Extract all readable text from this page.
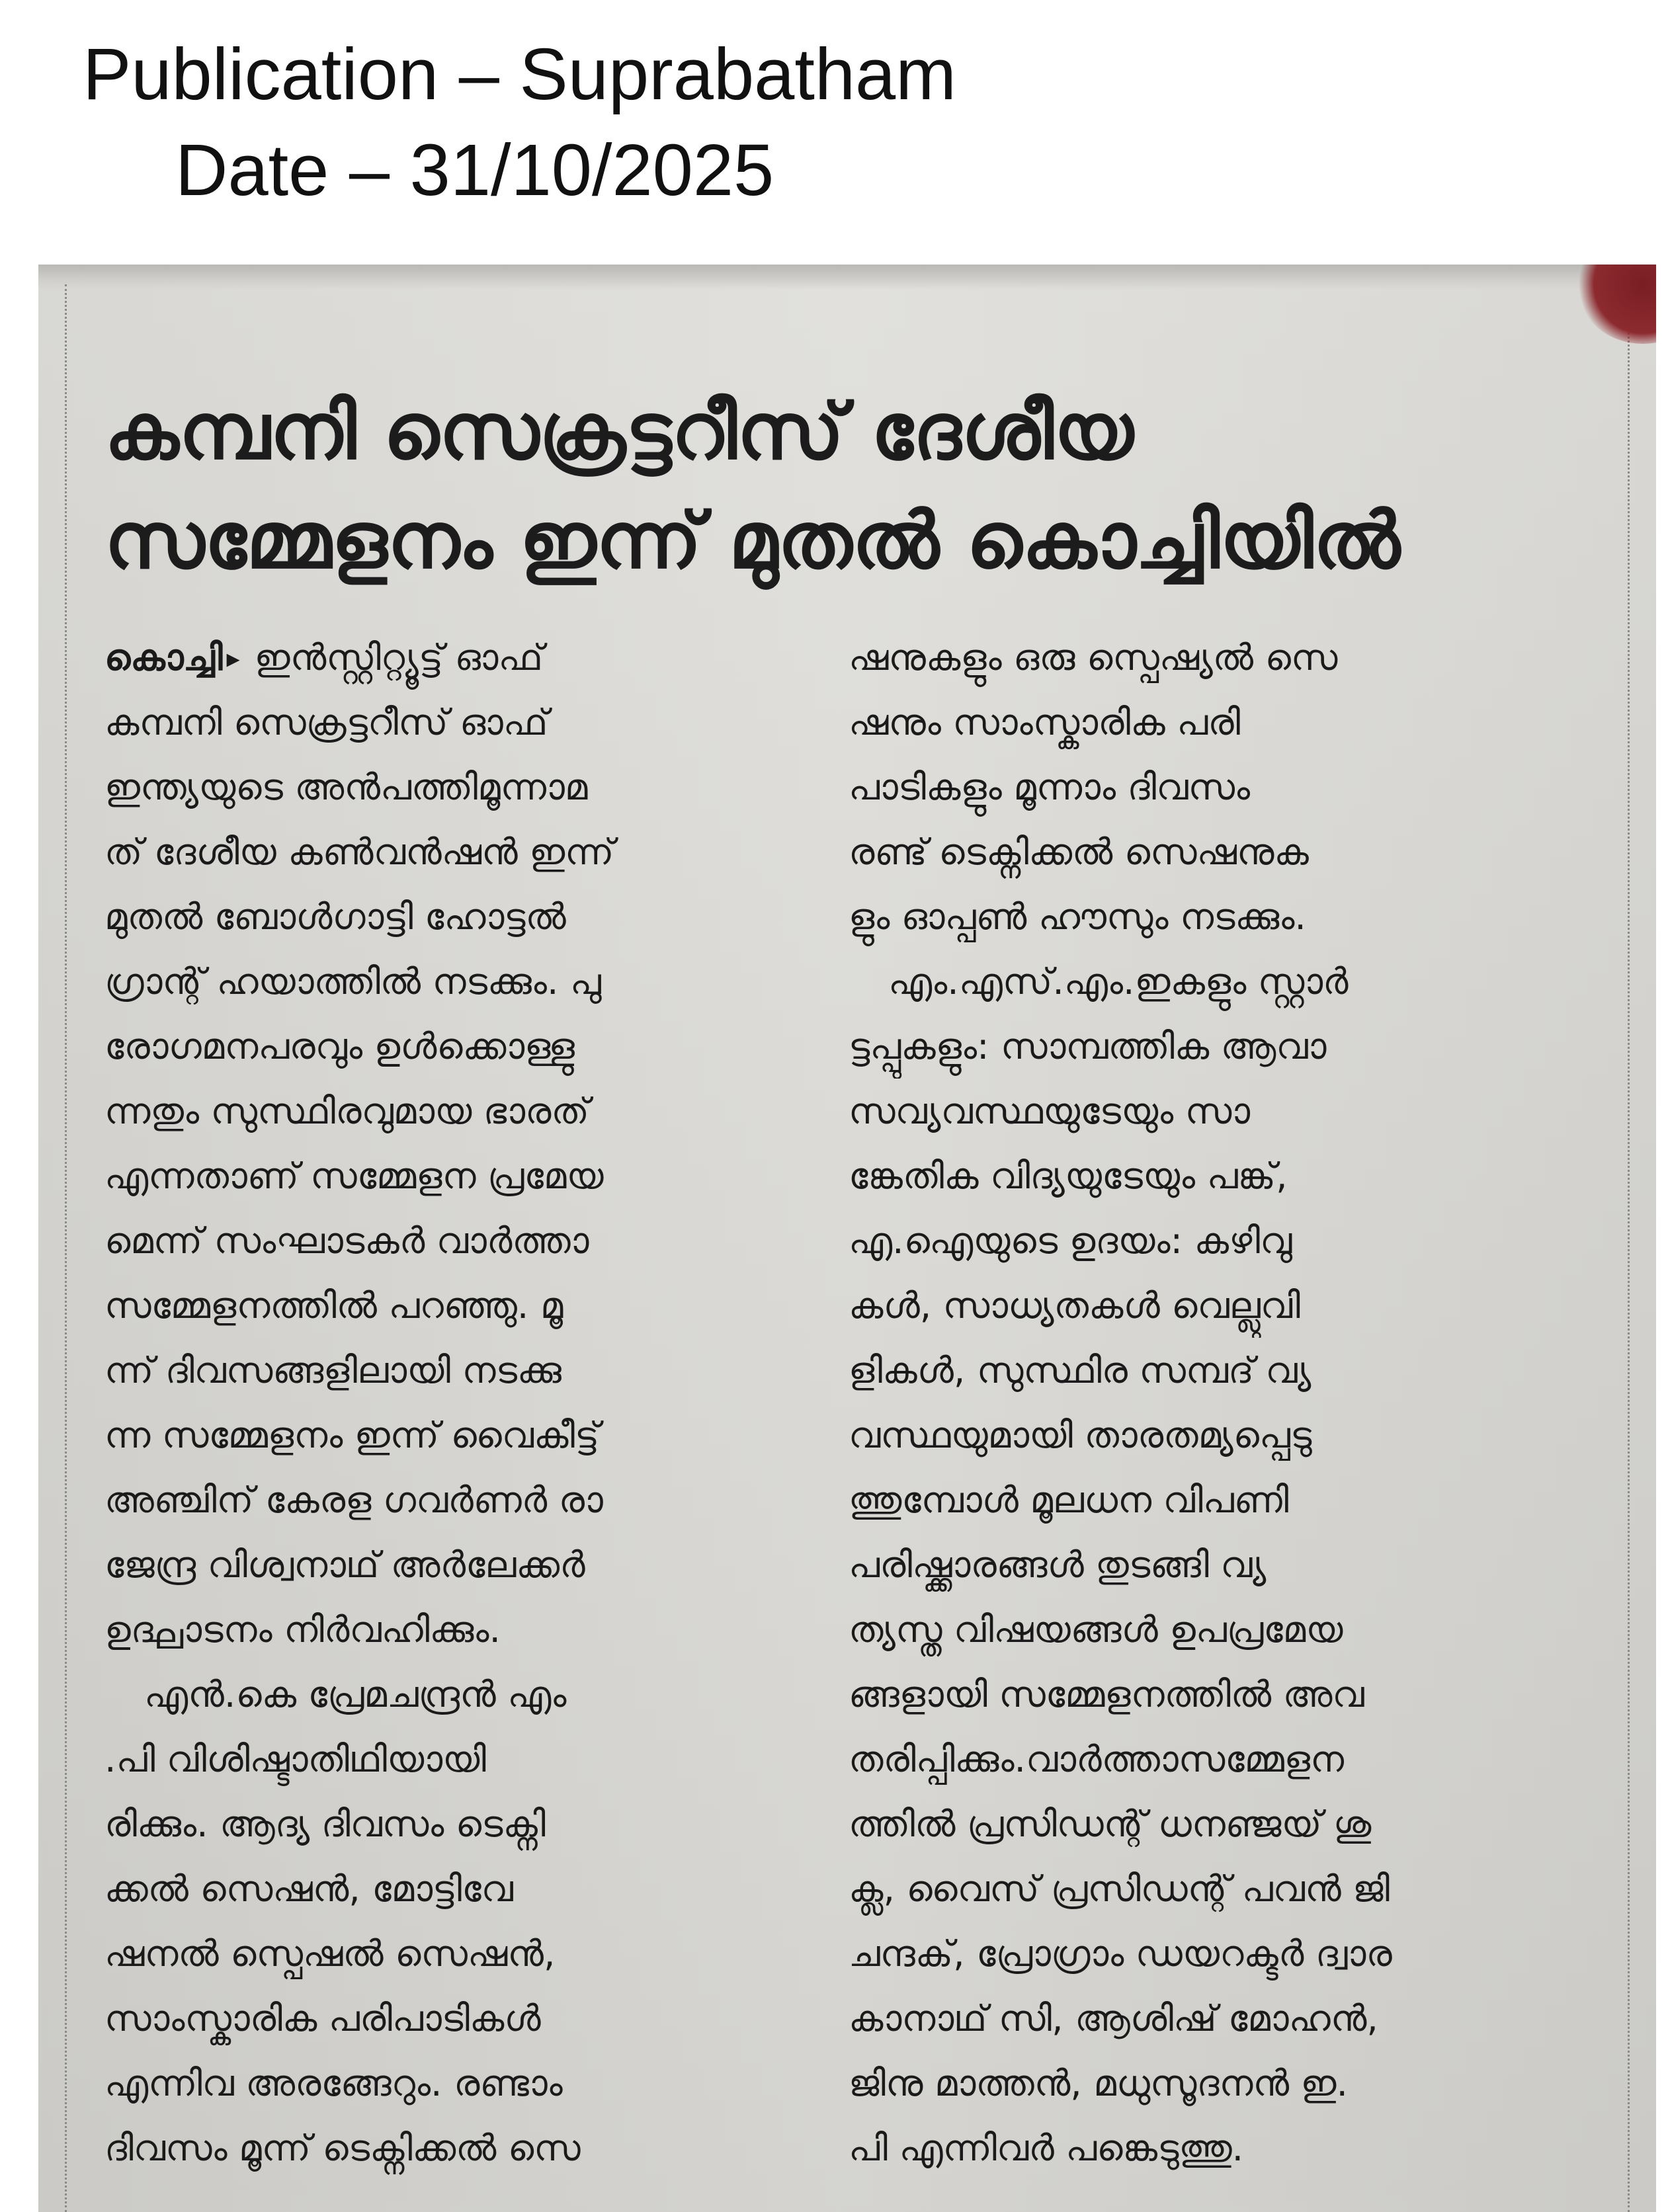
Publication – Suprabatham
Date – 31/10/2025
കമ്പനി സെക്രട്ടറീസ് ദേശീയ
സമ്മേളനം ഇന്ന് മുതൽ കൊച്ചിയിൽ
കൊച്ചി ▸ ഇൻസ്റ്റിറ്റ്യൂട്ട് ഓഫ്
കമ്പനി സെക്രട്ടറീസ് ഓഫ്
ഇന്ത്യയുടെ അൻപത്തിമൂന്നാമ
ത് ദേശീയ കൺവൻഷൻ ഇന്ന്
മുതൽ ബോൾഗാട്ടി ഹോട്ടൽ
ഗ്രാന്റ് ഹയാത്തിൽ നടക്കും. പു
രോഗമനപരവും ഉൾക്കൊള്ളു
ന്നതും സുസ്ഥിരവുമായ ഭാരത്
എന്നതാണ് സമ്മേളന പ്രമേയ
മെന്ന് സംഘാടകർ വാർത്താ
സമ്മേളനത്തിൽ പറഞ്ഞു. മൂ
ന്ന് ദിവസങ്ങളിലായി നടക്കു
ന്ന സമ്മേളനം ഇന്ന് വൈകീട്ട്
അഞ്ചിന് കേരള ഗവർണർ രാ
ജേന്ദ്ര വിശ്വനാഥ് അർലേക്കർ
ഉദ്ഘാടനം നിർവഹിക്കും.
എൻ.കെ പ്രേമചന്ദ്രൻ എം
.പി വിശിഷ്ടാതിഥിയായി
രിക്കും. ആദ്യ ദിവസം ടെക്നി
ക്കൽ സെഷൻ, മോട്ടിവേ
ഷനൽ സ്പെഷൽ സെഷൻ,
സാംസ്കാരിക പരിപാടികൾ
എന്നിവ അരങ്ങേറും. രണ്ടാം
ദിവസം മൂന്ന് ടെക്നിക്കൽ സെ
ഷനുകളും ഒരു സ്പെഷ്യൽ സെ
ഷനും സാംസ്കാരിക പരി
പാടികളും മൂന്നാം ദിവസം
രണ്ട് ടെക്നിക്കൽ സെഷനുക
ളും ഓപ്പൺ ഹൗസും നടക്കും.
എം.എസ്.എം.ഇകളും സ്റ്റാർ
ട്ടപ്പുകളും: സാമ്പത്തിക ആവാ
സവ്യവസ്ഥയുടേയും സാ
ങ്കേതിക വിദ്യയുടേയും പങ്ക്,
എ.ഐയുടെ ഉദയം: കഴിവു
കൾ, സാധ്യതകൾ വെല്ലുവി
ളികൾ, സുസ്ഥിര സമ്പദ് വ്യ
വസ്ഥയുമായി താരതമ്യപ്പെടു
ത്തുമ്പോൾ മൂലധന വിപണി
പരിഷ്ക്കാരങ്ങൾ തുടങ്ങി വ്യ
ത്യസ്ത വിഷയങ്ങൾ ഉപപ്രമേയ
ങ്ങളായി സമ്മേളനത്തിൽ അവ
തരിപ്പിക്കും.വാർത്താസമ്മേളന
ത്തിൽ പ്രസിഡന്റ് ധനഞ്ജയ് ശു
ക്ല, വൈസ് പ്രസിഡന്റ് പവൻ ജി
ചന്ദക്, പ്രോഗ്രാം ഡയറക്ടർ ദ്വാര
കാനാഥ് സി, ആശിഷ് മോഹൻ,
ജിനു മാത്തൻ, മധുസൂദനൻ ഇ.
പി എന്നിവർ പങ്കെടുത്തു.
